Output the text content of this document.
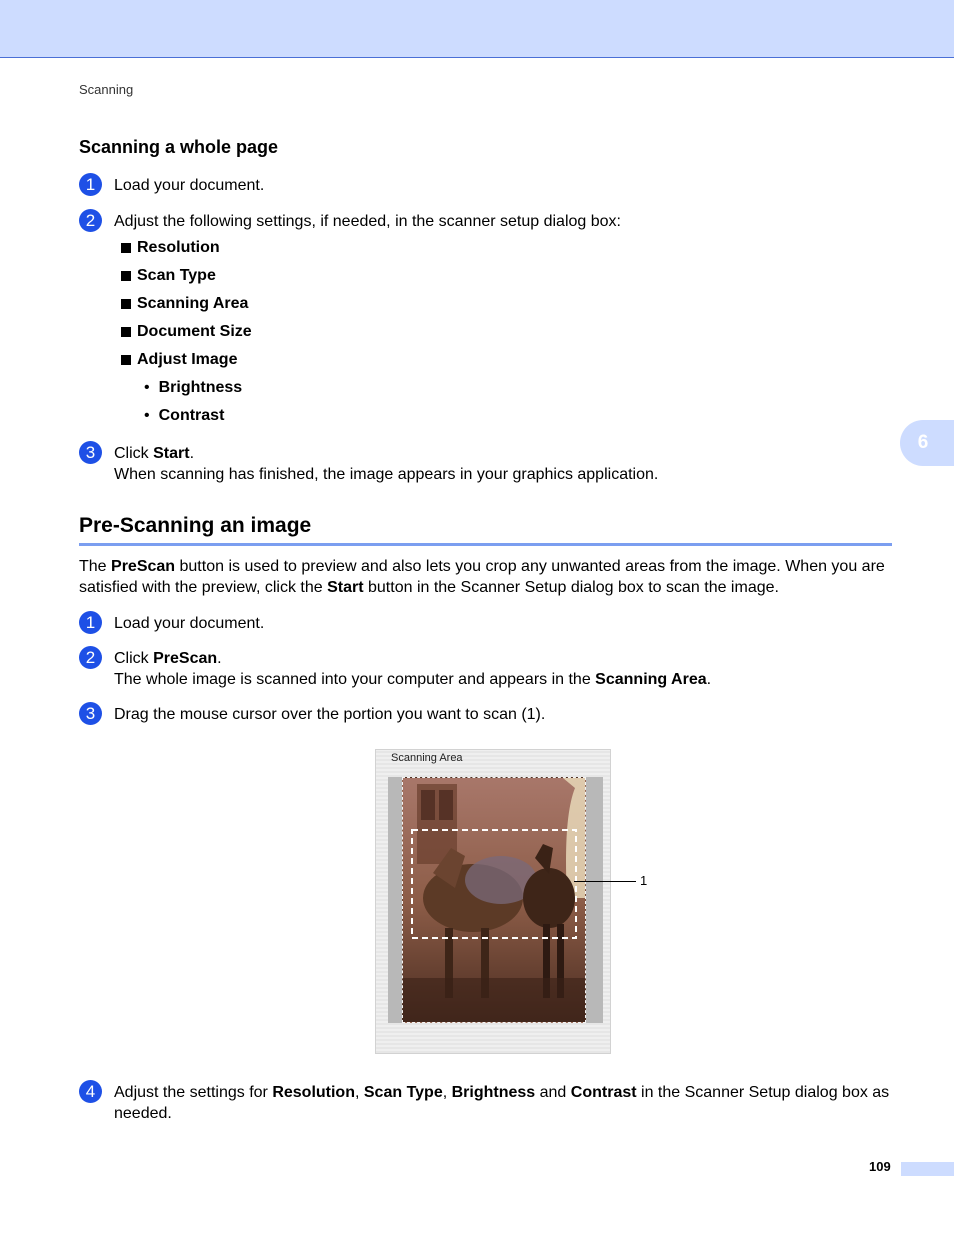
Scanning
6
Scanning a whole page
1	Load your document.
2	Adjust the following settings, if needed, in the scanner setup dialog box:
Resolution
Scan Type
Scanning Area
Document Size
Adjust Image
• Brightness
• Contrast
3	Click Start.
When scanning has finished, the image appears in your graphics application.
Pre-Scanning an image
The PreScan button is used to preview and also lets you crop any unwanted areas from the image. When you are satisfied with the preview, click the Start button in the Scanner Setup dialog box to scan the image.
1	Load your document.
2	Click PreScan.
The whole image is scanned into your computer and appears in the Scanning Area.
3	Drag the mouse cursor over the portion you want to scan (1).
Scanning Area
1
4	Adjust the settings for Resolution, Scan Type, Brightness and Contrast in the Scanner Setup dialog box as needed.
109
